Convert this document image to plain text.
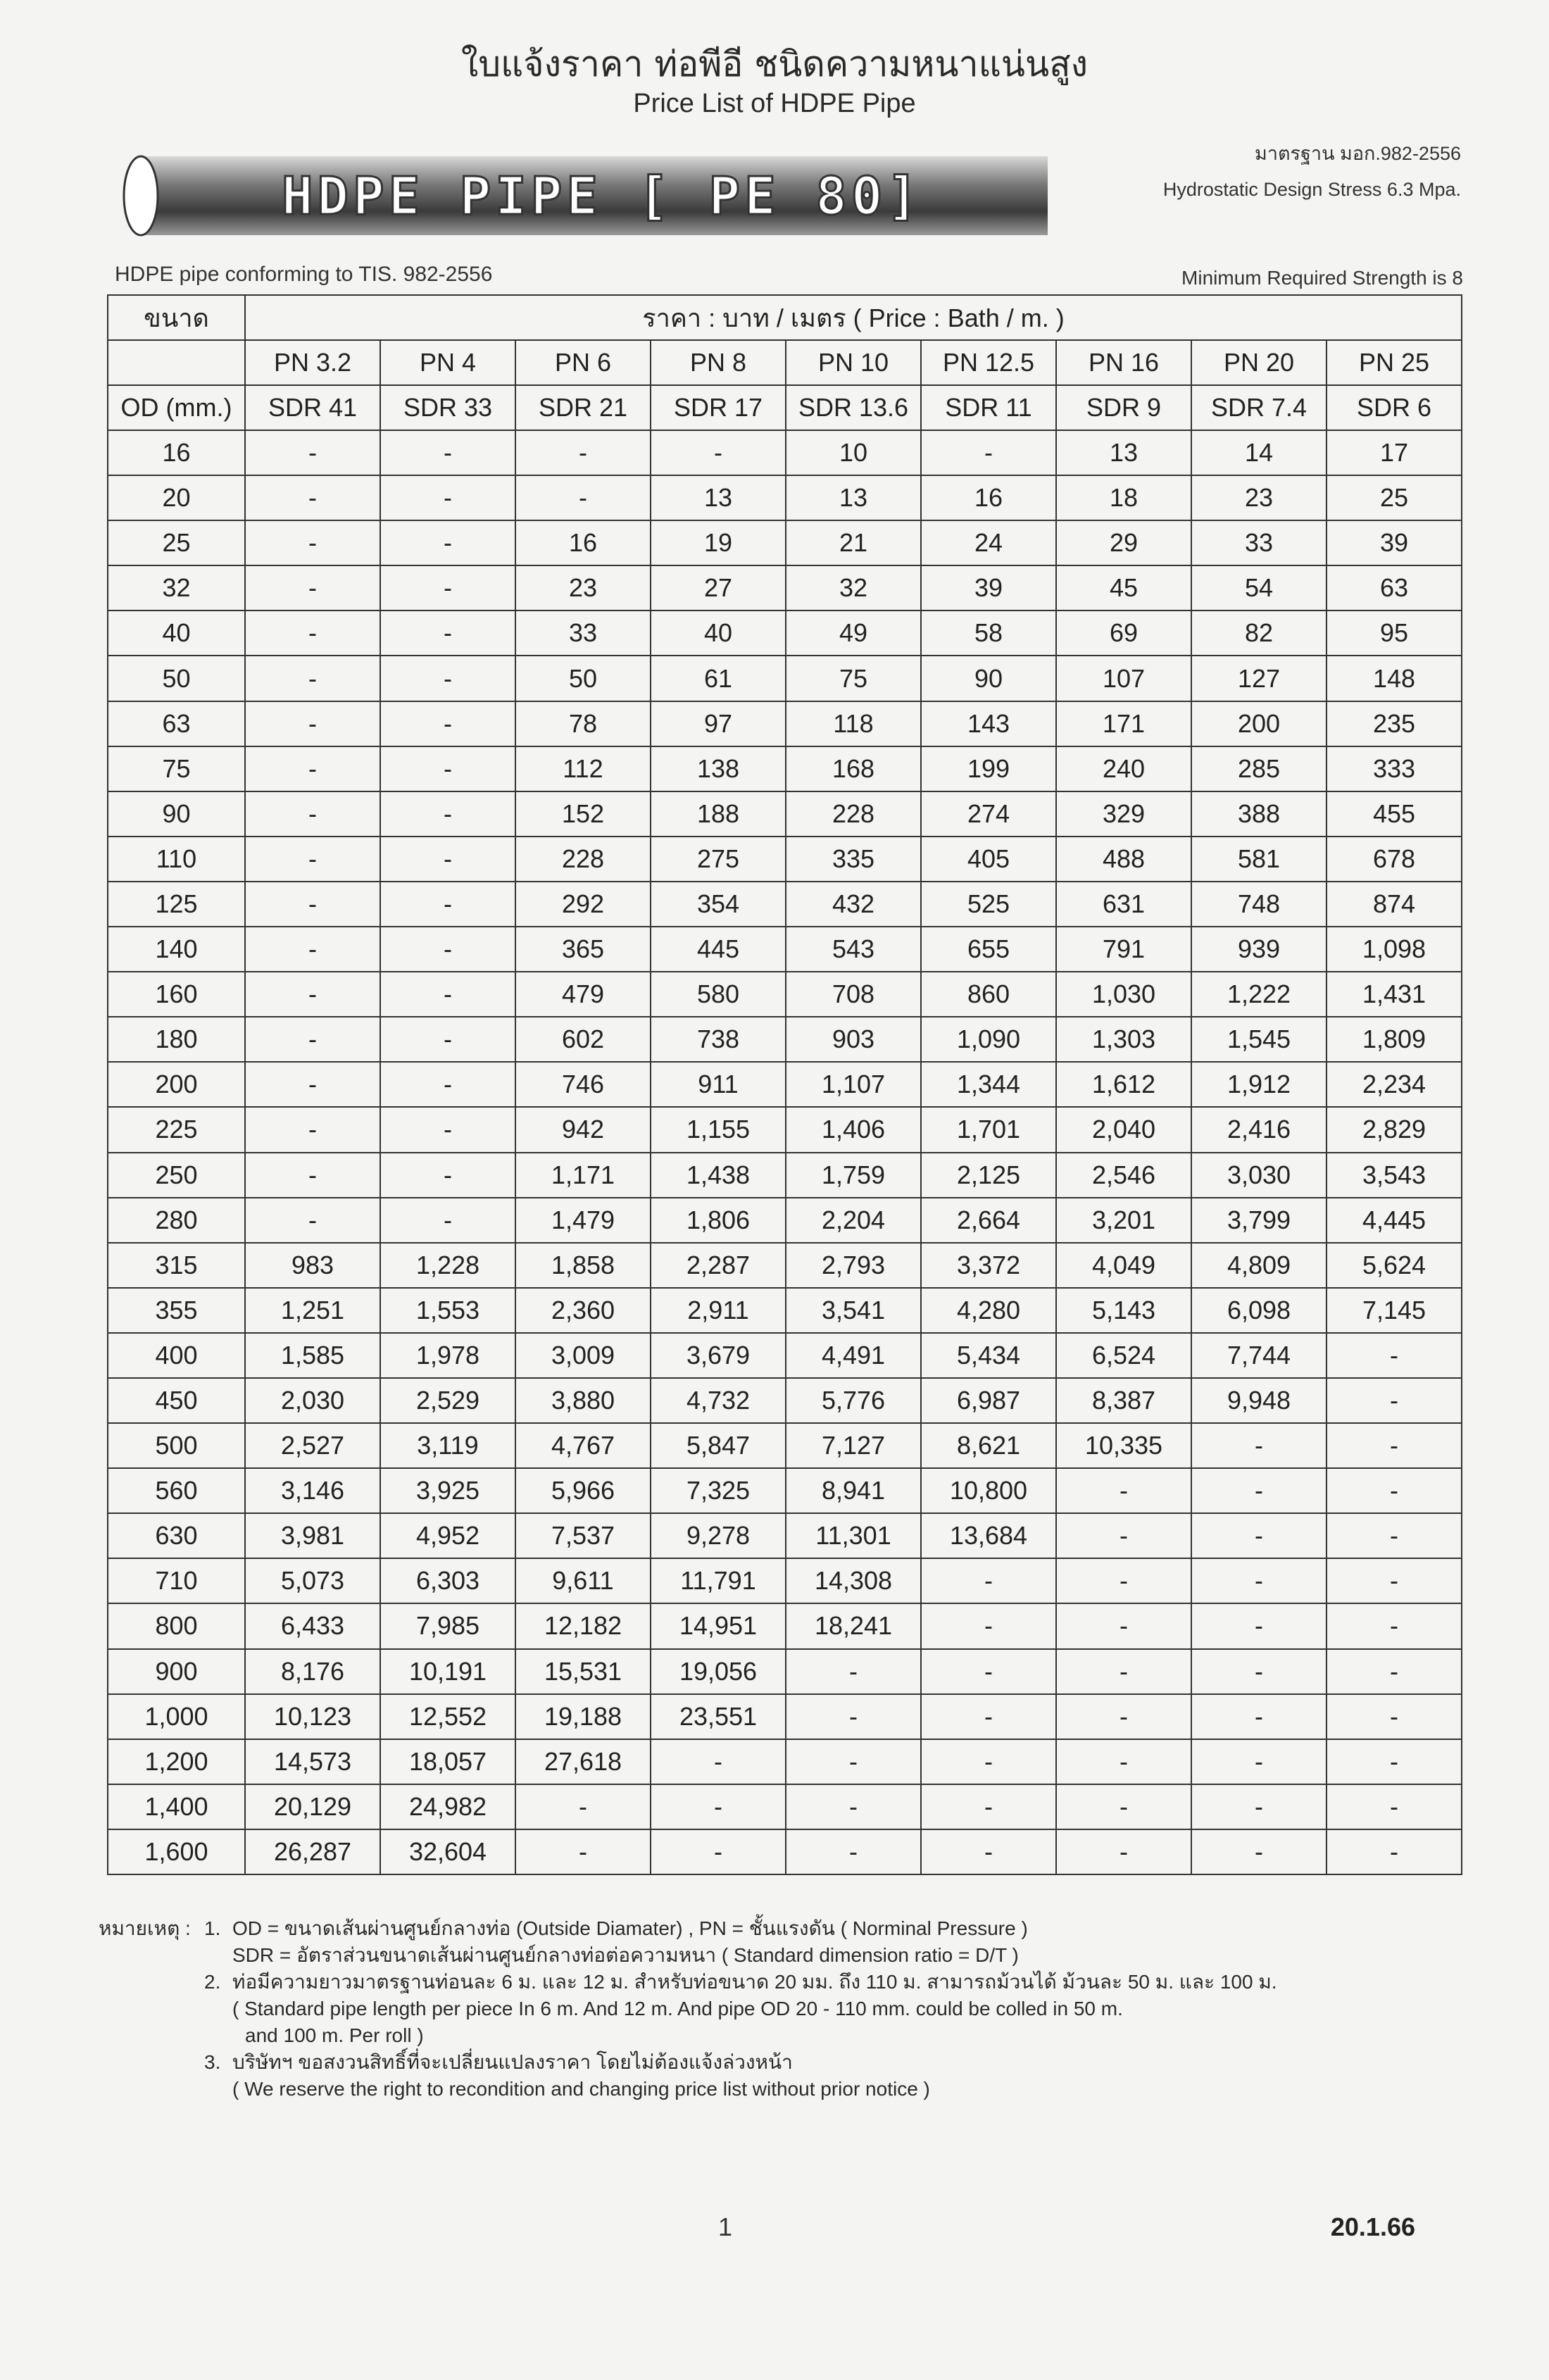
ใบแจ้งราคา ท่อพีอี ชนิดความหนาแน่นสูง
Price List of HDPE Pipe
HDPE PIPE [ PE 80]
มาตรฐาน มอก.982-2556
Hydrostatic Design Stress 6.3 Mpa.
HDPE pipe conforming to TIS. 982-2556	Minimum Required Strength is 8
ขนาด	ราคา : บาท / เมตร ( Price : Bath / m. )								
	PN 3.2	PN 4	PN 6	PN 8	PN 10	PN 12.5	PN 16	PN 20	PN 25
OD (mm.)	SDR 41	SDR 33	SDR 21	SDR 17	SDR 13.6	SDR 11	SDR 9	SDR 7.4	SDR 6
16	-	-	-	-	10	-	13	14	17
20	-	-	-	13	13	16	18	23	25
25	-	-	16	19	21	24	29	33	39
32	-	-	23	27	32	39	45	54	63
40	-	-	33	40	49	58	69	82	95
50	-	-	50	61	75	90	107	127	148
63	-	-	78	97	118	143	171	200	235
75	-	-	112	138	168	199	240	285	333
90	-	-	152	188	228	274	329	388	455
110	-	-	228	275	335	405	488	581	678
125	-	-	292	354	432	525	631	748	874
140	-	-	365	445	543	655	791	939	1,098
160	-	-	479	580	708	860	1,030	1,222	1,431
180	-	-	602	738	903	1,090	1,303	1,545	1,809
200	-	-	746	911	1,107	1,344	1,612	1,912	2,234
225	-	-	942	1,155	1,406	1,701	2,040	2,416	2,829
250	-	-	1,171	1,438	1,759	2,125	2,546	3,030	3,543
280	-	-	1,479	1,806	2,204	2,664	3,201	3,799	4,445
315	983	1,228	1,858	2,287	2,793	3,372	4,049	4,809	5,624
355	1,251	1,553	2,360	2,911	3,541	4,280	5,143	6,098	7,145
400	1,585	1,978	3,009	3,679	4,491	5,434	6,524	7,744	-
450	2,030	2,529	3,880	4,732	5,776	6,987	8,387	9,948	-
500	2,527	3,119	4,767	5,847	7,127	8,621	10,335	-	-
560	3,146	3,925	5,966	7,325	8,941	10,800	-	-	-
630	3,981	4,952	7,537	9,278	11,301	13,684	-	-	-
710	5,073	6,303	9,611	11,791	14,308	-	-	-	-
800	6,433	7,985	12,182	14,951	18,241	-	-	-	-
900	8,176	10,191	15,531	19,056	-	-	-	-	-
1,000	10,123	12,552	19,188	23,551	-	-	-	-	-
1,200	14,573	18,057	27,618	-	-	-	-	-	-
1,400	20,129	24,982	-	-	-	-	-	-	-
1,600	26,287	32,604	-	-	-	-	-	-	-
หมายเหตุ : 1. OD = ขนาดเส้นผ่านศูนย์กลางท่อ (Outside Diamater) , PN = ชั้นแรงดัน ( Norminal Pressure )
SDR = อัตราส่วนขนาดเส้นผ่านศูนย์กลางท่อต่อความหนา ( Standard dimension ratio = D/T )
2. ท่อมีความยาวมาตรฐานท่อนละ 6 ม. และ 12 ม. สำหรับท่อขนาด 20 มม. ถึง 110 ม. สามารถม้วนได้ ม้วนละ 50 ม. และ 100 ม.
( Standard pipe length per piece In 6 m. And 12 m. And pipe OD 20 - 110 mm. could be colled in 50 m.
and 100 m. Per roll )
3. บริษัทฯ ขอสงวนสิทธิ์ที่จะเปลี่ยนแปลงราคา โดยไม่ต้องแจ้งล่วงหน้า
( We reserve the right to recondition and changing price list without prior notice )
1	20.1.66
